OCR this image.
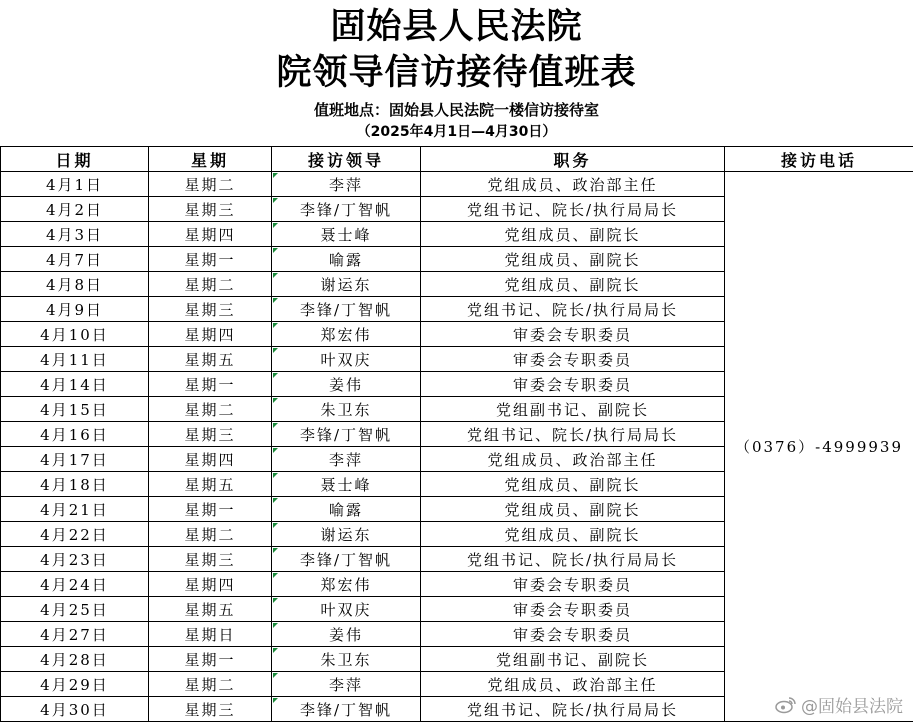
固始县人民法院
院领导信访接待值班表
值班地点：固始县人民法院一楼信访接待室
（2025年4月1日—4月30日）
日期	星期	接访领导	职务	接访电话
4月1日	星期二	李萍	党组成员、政治部主任	（0376）-4999939
4月2日	星期三	李锋/丁智帆	党组书记、院长/执行局局长	
4月3日	星期四	聂士峰	党组成员、副院长	
4月7日	星期一	喻露	党组成员、副院长	
4月8日	星期二	谢运东	党组成员、副院长	
4月9日	星期三	李锋/丁智帆	党组书记、院长/执行局局长	
4月10日	星期四	郑宏伟	审委会专职委员	
4月11日	星期五	叶双庆	审委会专职委员	
4月14日	星期一	姜伟	审委会专职委员	
4月15日	星期二	朱卫东	党组副书记、副院长	
4月16日	星期三	李锋/丁智帆	党组书记、院长/执行局局长	
4月17日	星期四	李萍	党组成员、政治部主任	
4月18日	星期五	聂士峰	党组成员、副院长	
4月21日	星期一	喻露	党组成员、副院长	
4月22日	星期二	谢运东	党组成员、副院长	
4月23日	星期三	李锋/丁智帆	党组书记、院长/执行局局长	
4月24日	星期四	郑宏伟	审委会专职委员	
4月25日	星期五	叶双庆	审委会专职委员	
4月27日	星期日	姜伟	审委会专职委员	
4月28日	星期一	朱卫东	党组副书记、副院长	
4月29日	星期二	李萍	党组成员、政治部主任	
4月30日	星期三	李锋/丁智帆	党组书记、院长/执行局局长		@固始县法院
